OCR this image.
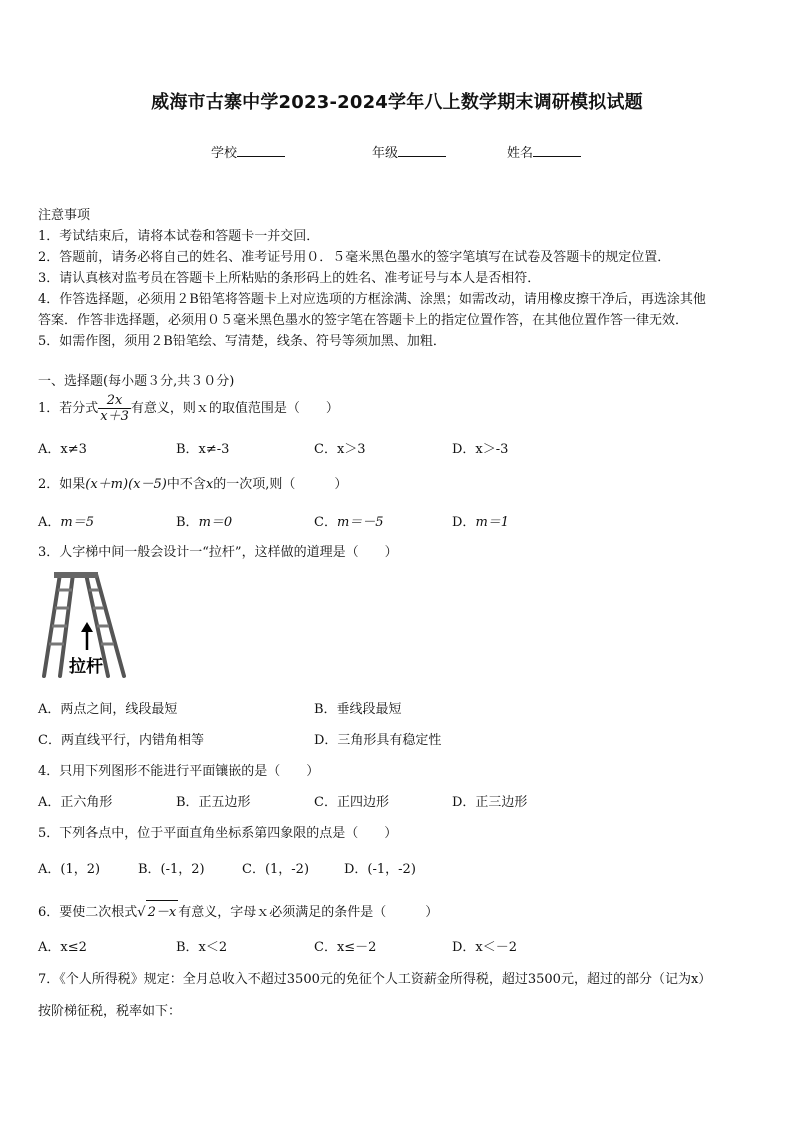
威海市古寨中学2023-2024学年八上数学期末调研模拟试题
学校	年级	姓名
注意事项
1．考试结束后，请将本试卷和答题卡一并交回．
2．答题前，请务必将自己的姓名、准考证号用０．５毫米黑色墨水的签字笔填写在试卷及答题卡的规定位置．
3．请认真核对监考员在答题卡上所粘贴的条形码上的姓名、准考证号与本人是否相符．
4．作答选择题，必须用２B铅笔将答题卡上对应选项的方框涂满、涂黑；如需改动，请用橡皮擦干净后，再选涂其他
答案．作答非选择题，必须用０５毫米黑色墨水的签字笔在答题卡上的指定位置作答，在其他位置作答一律无效．
5．如需作图，须用２B铅笔绘、写清楚，线条、符号等须加黑、加粗．
一、选择题(每小题３分,共３０分)
1．若分式 $\frac{2x}{x+3}$ 有意义，则ｘ的取值范围是（　　）
A．x≠3	B．x≠-3	C．x＞3	D．x＞-3
2．如果(x＋m)(x－5)中不含x的一次项,则（　　　）
A．m＝5	B．m＝0	C．m＝－5	D．m＝1
3．人字梯中间一般会设计一“拉杆”，这样做的道理是（　　）
拉杆
A．两点之间，线段最短	B．垂线段最短
C．两直线平行，内错角相等	D．三角形具有稳定性
4．只用下列图形不能进行平面镶嵌的是（　　）
A．正六角形	B．正五边形	C．正四边形	D．正三边形
5．下列各点中，位于平面直角坐标系第四象限的点是（　　）
A．(1，2)	B．(-1，2)	C．(1，-2)	D．(-1，-2)
6．要使二次根式√ 2－x 有意义，字母ｘ必须满足的条件是（　　　）
A．x≤2	B．x＜2	C．x≤－2	D．x＜－2
7．《个人所得税》规定：全月总收入不超过3500元的免征个人工资薪金所得税，超过3500元，超过的部分（记为x）
按阶梯征税，税率如下：
